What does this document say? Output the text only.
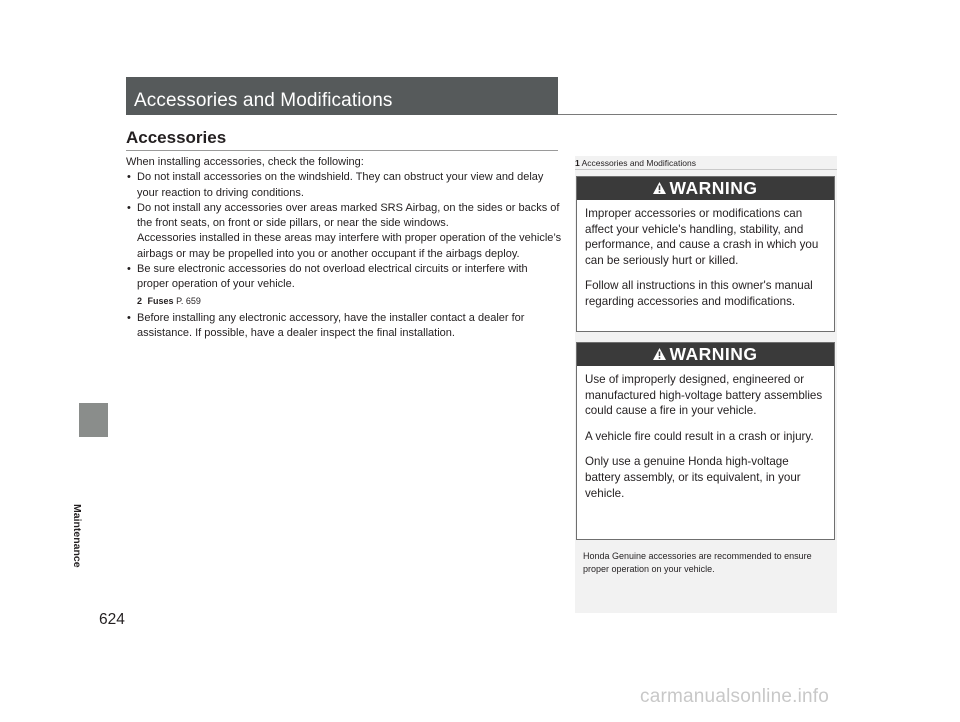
Maintenance
624
Accessories and Modifications
Accessories

When installing accessories, check the following:

• Do not install accessories on the windshield. They can obstruct your view and delay your reaction to driving conditions.
• Do not install any accessories over areas marked SRS Airbag, on the sides or backs of the front seats, on front or side pillars, or near the side windows.
Accessories installed in these areas may interfere with proper operation of the vehicle’s airbags or may be propelled into you or another occupant if the airbags deploy.
• Be sure electronic accessories do not overload electrical circuits or interfere with proper operation of your vehicle.
2 Fuses P. 659
• Before installing any electronic accessory, have the installer contact a dealer for assistance. If possible, have a dealer inspect the final installation.
1 Accessories and Modifications
WARNING

Improper accessories or modifications can affect your vehicle's handling, stability, and performance, and cause a crash in which you can be seriously hurt or killed.

Follow all instructions in this owner's manual regarding accessories and modifications.

WARNING

Use of improperly designed, engineered or manufactured high-voltage battery assemblies could cause a fire in your vehicle.

A vehicle fire could result in a crash or injury.

Only use a genuine Honda high-voltage battery assembly, or its equivalent, in your vehicle.

Honda Genuine accessories are recommended to ensure proper operation on your vehicle.
carmanualsonline.info
